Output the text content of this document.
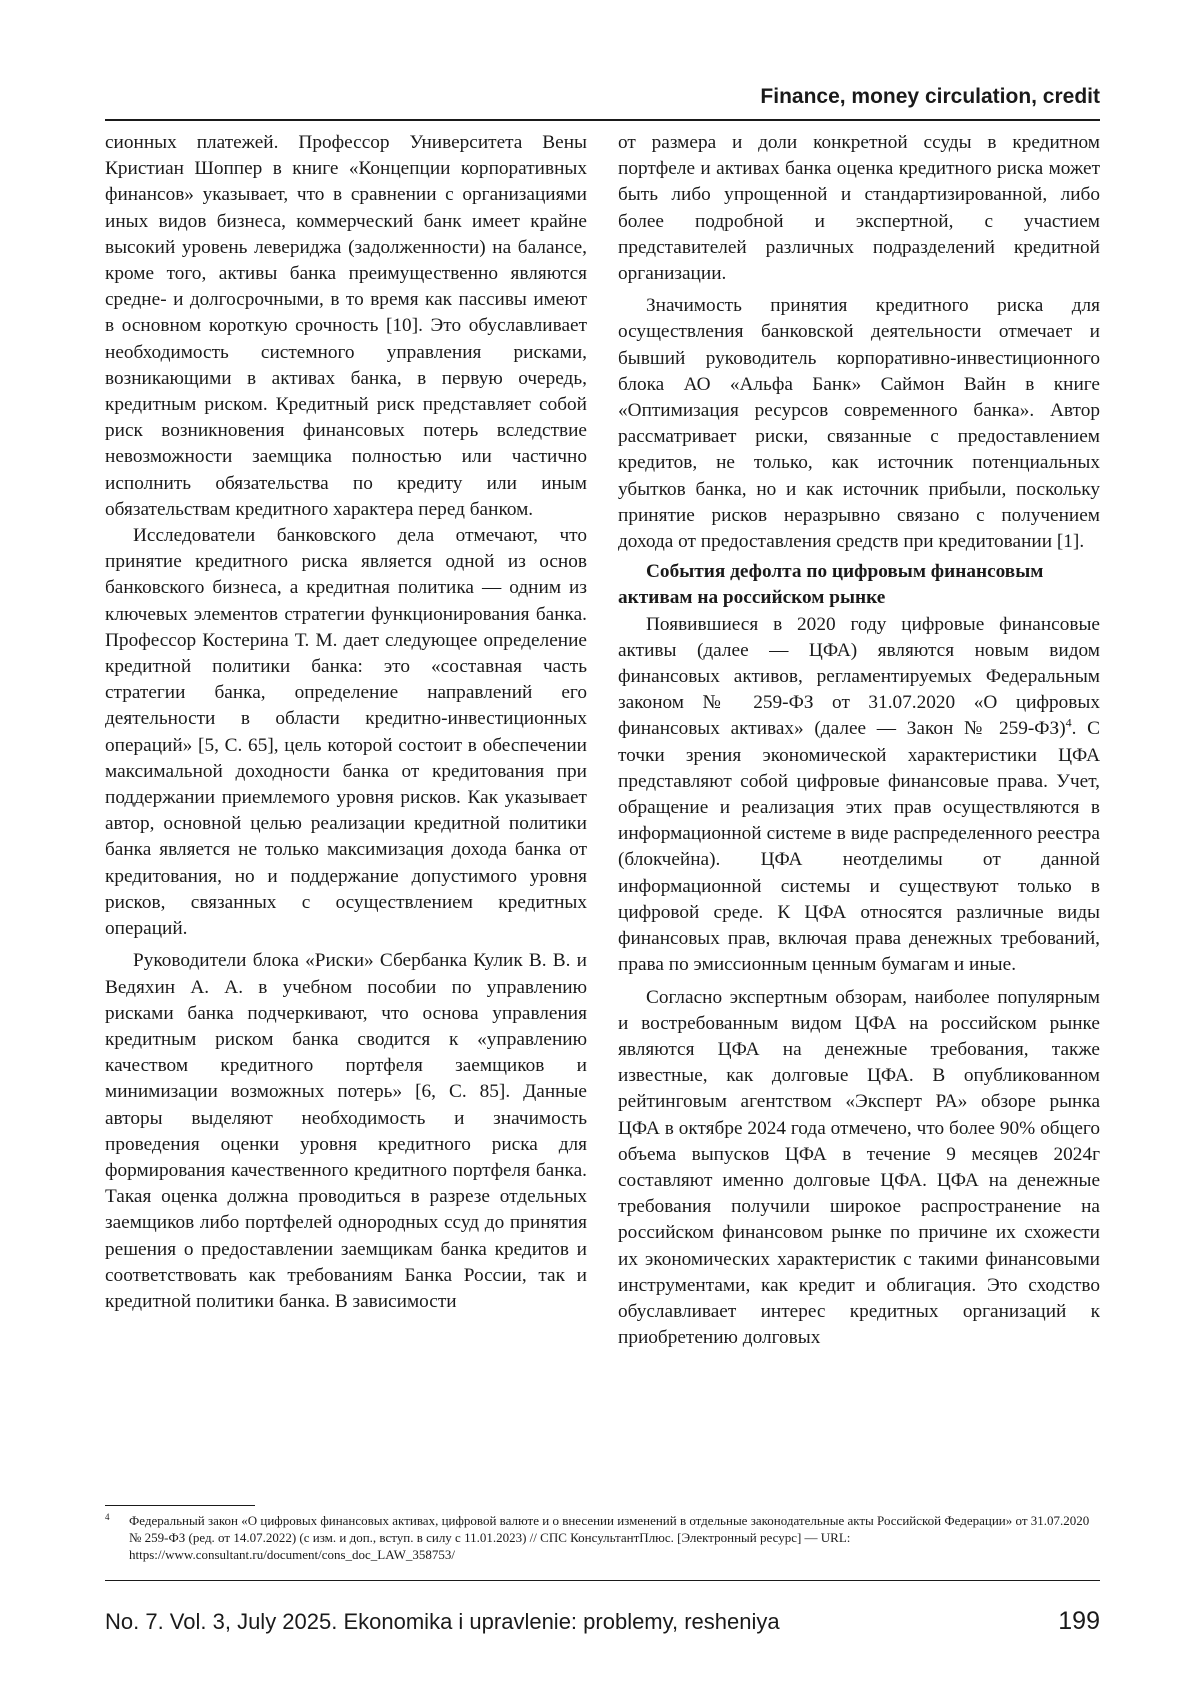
Finance, money circulation, credit

сионных платежей. Профессор Университета Вены Кристиан Шоппер в книге «Концепции корпоративных финансов» указывает, что в сравнении с организациями иных видов бизнеса, коммерческий банк имеет крайне высокий уровень левериджа (задолженности) на балансе, кроме того, активы банка преимущественно являются средне- и долгосрочными, в то время как пассивы имеют в основном короткую срочность [10]. Это обуславливает необходимость системного управления рисками, возникающими в активах банка, в первую очередь, кредитным риском. Кредитный риск представляет собой риск возникновения финансовых потерь вследствие невозможности заемщика полностью или частично исполнить обязательства по кредиту или иным обязательствам кредитного характера перед банком.

Исследователи банковского дела отмечают, что принятие кредитного риска является одной из основ банковского бизнеса, а кредитная политика — одним из ключевых элементов стратегии функционирования банка. Профессор Костерина Т. М. дает следующее определение кредитной политики банка: это «составная часть стратегии банка, определение направлений его деятельности в области кредитно-инвестиционных операций» [5, С. 65], цель которой состоит в обеспечении максимальной доходности банка от кредитования при поддержании приемлемого уровня рисков. Как указывает автор, основной целью реализации кредитной политики банка является не только максимизация дохода банка от кредитования, но и поддержание допустимого уровня рисков, связанных с осуществлением кредитных операций.

Руководители блока «Риски» Сбербанка Кулик В. В. и Ведяхин А. А. в учебном пособии по управлению рисками банка подчеркивают, что основа управления кредитным риском банка сводится к «управлению качеством кредитного портфеля заемщиков и минимизации возможных потерь» [6, С. 85]. Данные авторы выделяют необходимость и значимость проведения оценки уровня кредитного риска для формирования качественного кредитного портфеля банка. Такая оценка должна проводиться в разрезе отдельных заемщиков либо портфелей однородных ссуд до принятия решения о предоставлении заемщикам банка кредитов и соответствовать как требованиям Банка России, так и кредитной политики банка. В зависимости

от размера и доли конкретной ссуды в кредитном портфеле и активах банка оценка кредитного риска может быть либо упрощенной и стандартизированной, либо более подробной и экспертной, с участием представителей различных подразделений кредитной организации.

Значимость принятия кредитного риска для осуществления банковской деятельности отмечает и бывший руководитель корпоративно-инвестиционного блока АО «Альфа Банк» Саймон Вайн в книге «Оптимизация ресурсов современного банка». Автор рассматривает риски, связанные с предоставлением кредитов, не только, как источник потенциальных убытков банка, но и как источник прибыли, поскольку принятие рисков неразрывно связано с получением дохода от предоставления средств при кредитовании [1].

События дефолта по цифровым финансовым активам на российском рынке

Появившиеся в 2020 году цифровые финансовые активы (далее — ЦФА) являются новым видом финансовых активов, регламентируемых Федеральным законом № 259-ФЗ от 31.07.2020 «О цифровых финансовых активах» (далее — Закон № 259-ФЗ)$^4$. С точки зрения экономической характеристики ЦФА представляют собой цифровые финансовые права. Учет, обращение и реализация этих прав осуществляются в информационной системе в виде распределенного реестра (блокчейна). ЦФА неотделимы от данной информационной системы и существуют только в цифровой среде. К ЦФА относятся различные виды финансовых прав, включая права денежных требований, права по эмиссионным ценным бумагам и иные.

Согласно экспертным обзорам, наиболее популярным и востребованным видом ЦФА на российском рынке являются ЦФА на денежные требования, также известные, как долговые ЦФА. В опубликованном рейтинговым агентством «Эксперт РА» обзоре рынка ЦФА в октябре 2024 года отмечено, что более 90% общего объема выпусков ЦФА в течение 9 месяцев 2024г составляют именно долговые ЦФА. ЦФА на денежные требования получили широкое распространение на российском финансовом рынке по причине их схожести их экономических характеристик с такими финансовыми инструментами, как кредит и облигация. Это сходство обуславливает интерес кредитных организаций к приобретению долговых

4 Федеральный закон «О цифровых финансовых активах, цифровой валюте и о внесении изменений в отдельные законодательные акты Российской Федерации» от 31.07.2020 № 259-ФЗ (ред. от 14.07.2022) (с изм. и доп., вступ. в силу с 11.01.2023) // СПС КонсультантПлюс. [Электронный ресурс] — URL: https://www.consultant.ru/document/cons_doc_LAW_358753/
No. 7. Vol. 3, July 2025. Ekonomika i upravlenie: problemy, resheniya	199
